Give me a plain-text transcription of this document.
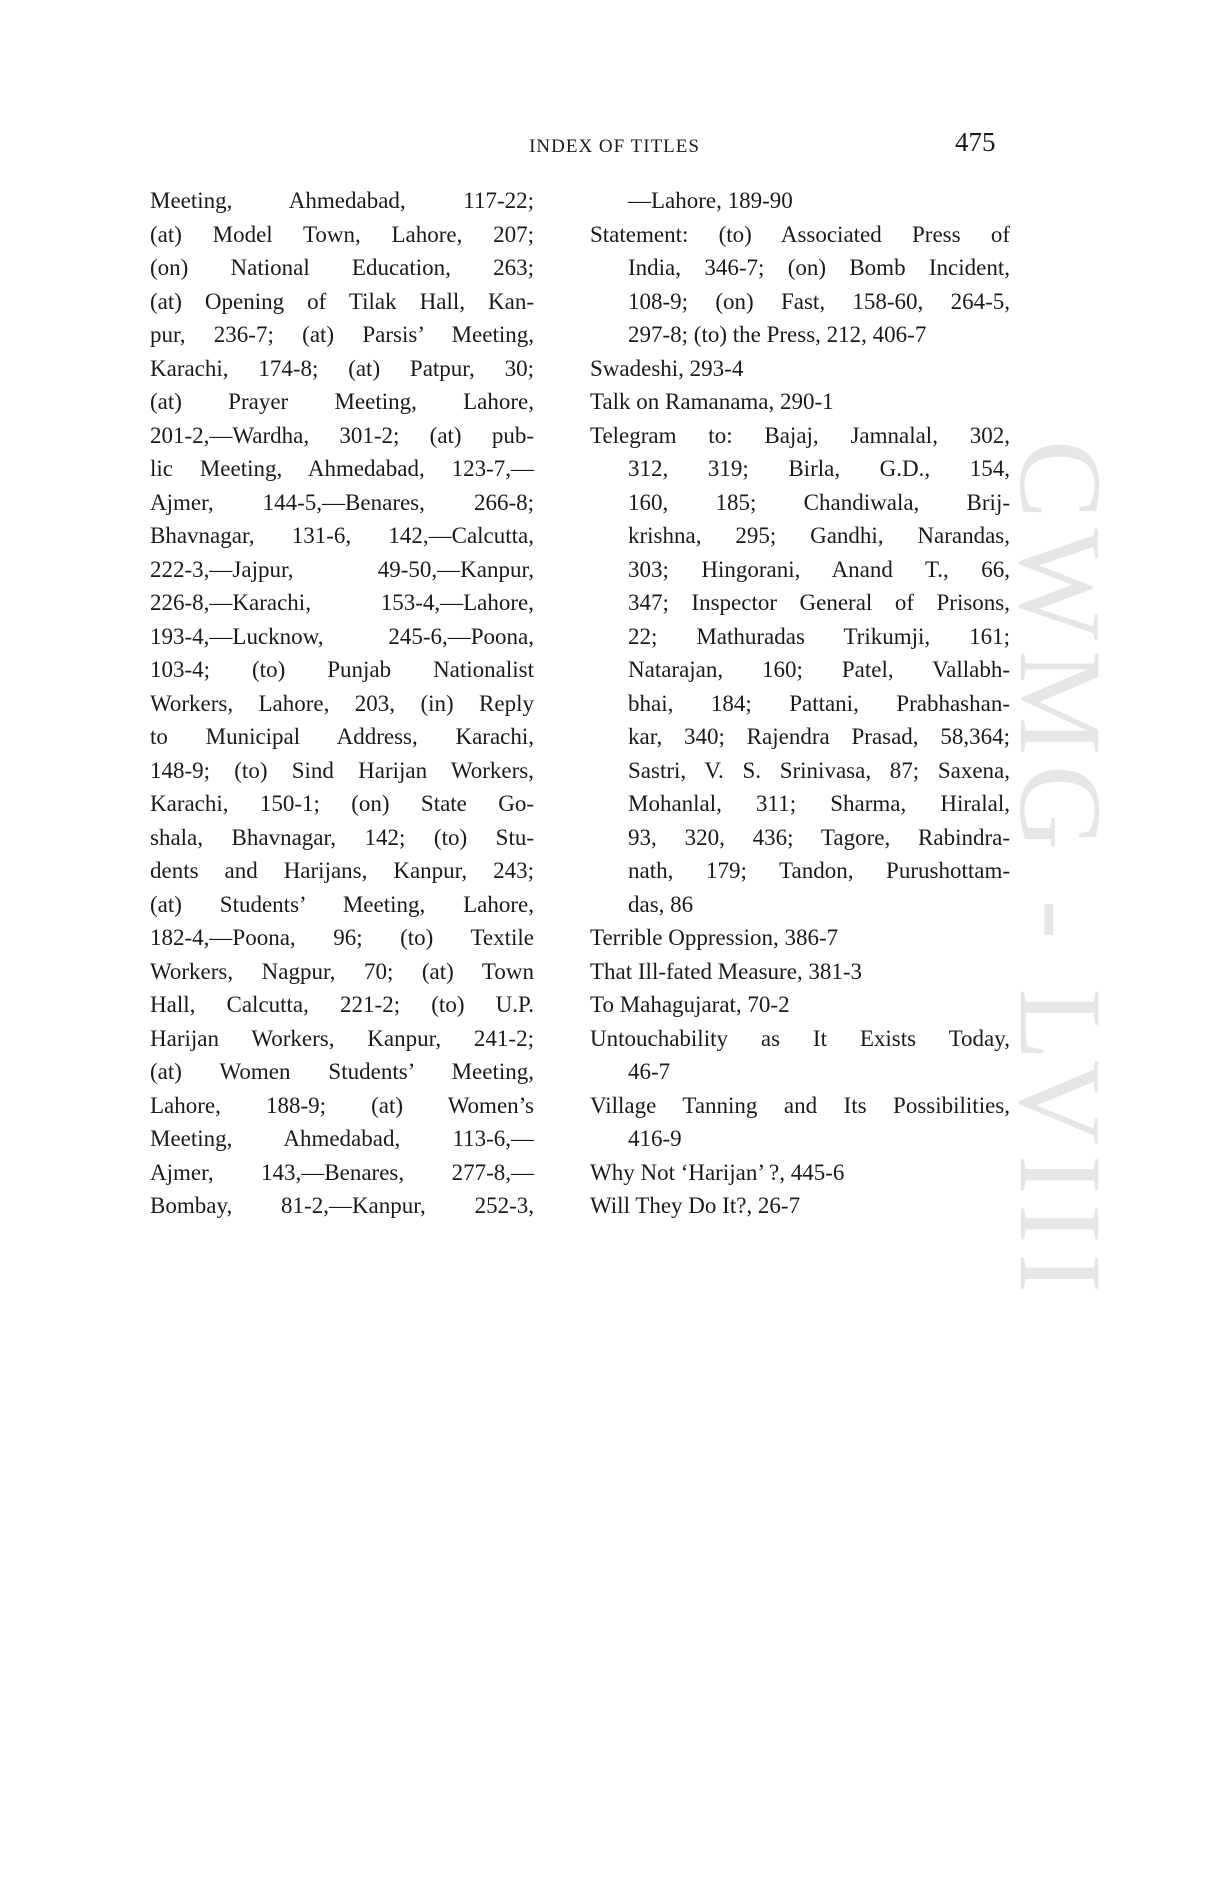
INDEX OF TITLES	475
Meeting, Ahmedabad, 117-22;
(at) Model Town, Lahore, 207;
(on) National Education, 263;
(at) Opening of Tilak Hall, Kan-
pur, 236-7; (at) Parsis’ Meeting,
Karachi, 174-8; (at) Patpur, 30;
(at) Prayer Meeting, Lahore,
201-2,—Wardha, 301-2; (at) pub-
lic Meeting, Ahmedabad, 123-7,—
Ajmer, 144-5,—Benares, 266-8;
Bhavnagar, 131-6, 142,—Calcutta,
222-3,—Jajpur, 49-50,—Kanpur,
226-8,—Karachi, 153-4,—Lahore,
193-4,—Lucknow, 245-6,—Poona,
103-4; (to) Punjab Nationalist
Workers, Lahore, 203, (in) Reply
to Municipal Address, Karachi,
148-9; (to) Sind Harijan Workers,
Karachi, 150-1; (on) State Go-
shala, Bhavnagar, 142; (to) Stu-
dents and Harijans, Kanpur, 243;
(at) Students’ Meeting, Lahore,
182-4,—Poona, 96; (to) Textile
Workers, Nagpur, 70; (at) Town
Hall, Calcutta, 221-2; (to) U.P.
Harijan Workers, Kanpur, 241-2;
(at) Women Students’ Meeting,
Lahore, 188-9; (at) Women’s
Meeting, Ahmedabad, 113-6,—
Ajmer, 143,—Benares, 277-8,—
Bombay, 81-2,—Kanpur, 252-3,
—Lahore, 189-90
Statement: (to) Associated Press of
India, 346-7; (on) Bomb Incident,
108-9; (on) Fast, 158-60, 264-5,
297-8; (to) the Press, 212, 406-7
Swadeshi, 293-4
Talk on Ramanama, 290-1
Telegram to: Bajaj, Jamnalal, 302,
312, 319; Birla, G.D., 154,
160, 185; Chandiwala, Brij-
krishna, 295; Gandhi, Narandas,
303; Hingorani, Anand T., 66,
347; Inspector General of Prisons,
22; Mathuradas Trikumji, 161;
Natarajan, 160; Patel, Vallabh-
bhai, 184; Pattani, Prabhashan-
kar, 340; Rajendra Prasad, 58,364;
Sastri, V. S. Srinivasa, 87; Saxena,
Mohanlal, 311; Sharma, Hiralal,
93, 320, 436; Tagore, Rabindra-
nath, 179; Tandon, Purushottam-
das, 86
Terrible Oppression, 386-7
That Ill-fated Measure, 381-3
To Mahagujarat, 70-2
Untouchability as It Exists Today,
46-7
Village Tanning and Its Possibilities,
416-9
Why Not ‘Harijan’ ?, 445-6
Will They Do It?, 26-7	CWMG - LVIII
